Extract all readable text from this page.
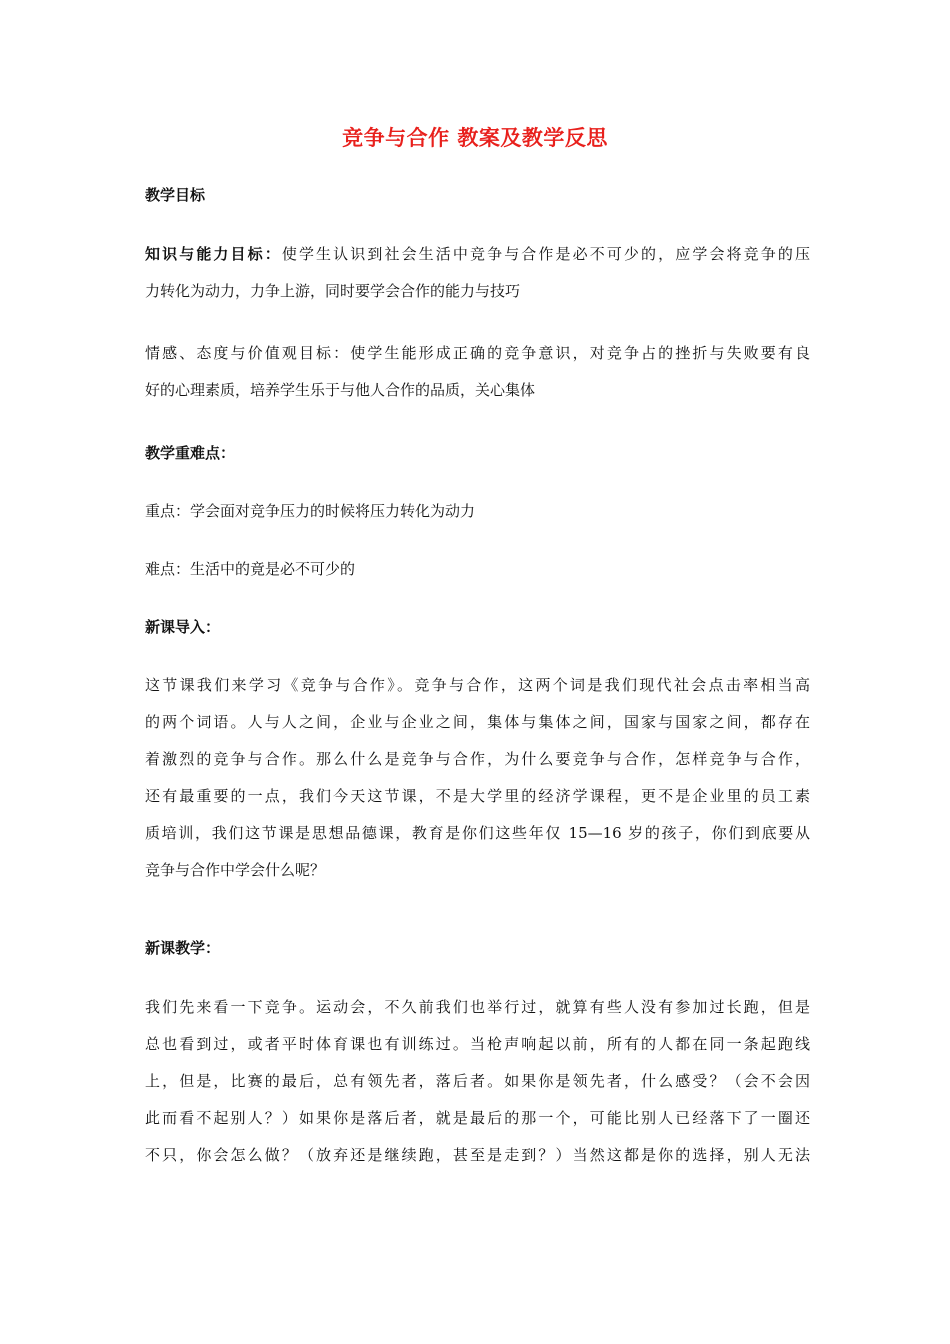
竞争与合作 教案及教学反思
教学目标
知识与能力目标：使学生认识到社会生活中竞争与合作是必不可少的，应学会将竞争的压
力转化为动力，力争上游，同时要学会合作的能力与技巧
情感、态度与价值观目标：使学生能形成正确的竞争意识，对竞争占的挫折与失败要有良
好的心理素质，培养学生乐于与他人合作的品质，关心集体
教学重难点：
重点：学会面对竞争压力的时候将压力转化为动力
难点：生活中的竟是必不可少的
新课导入：
这节课我们来学习《竞争与合作》。竞争与合作，这两个词是我们现代社会点击率相当高
的两个词语。人与人之间，企业与企业之间，集体与集体之间，国家与国家之间，都存在
着激烈的竞争与合作。那么什么是竞争与合作，为什么要竞争与合作，怎样竞争与合作，
还有最重要的一点，我们今天这节课，不是大学里的经济学课程，更不是企业里的员工素
质培训，我们这节课是思想品德课，教育是你们这些年仅 15—16 岁的孩子，你们到底要从
竞争与合作中学会什么呢？
新课教学：
我们先来看一下竞争。运动会，不久前我们也举行过，就算有些人没有参加过长跑，但是
总也看到过，或者平时体育课也有训练过。当枪声响起以前，所有的人都在同一条起跑线
上，但是，比赛的最后，总有领先者，落后者。如果你是领先者，什么感受？（会不会因
此而看不起别人？）如果你是落后者，就是最后的那一个，可能比别人已经落下了一圈还
不只，你会怎么做？（放弃还是继续跑，甚至是走到？）当然这都是你的选择，别人无法
